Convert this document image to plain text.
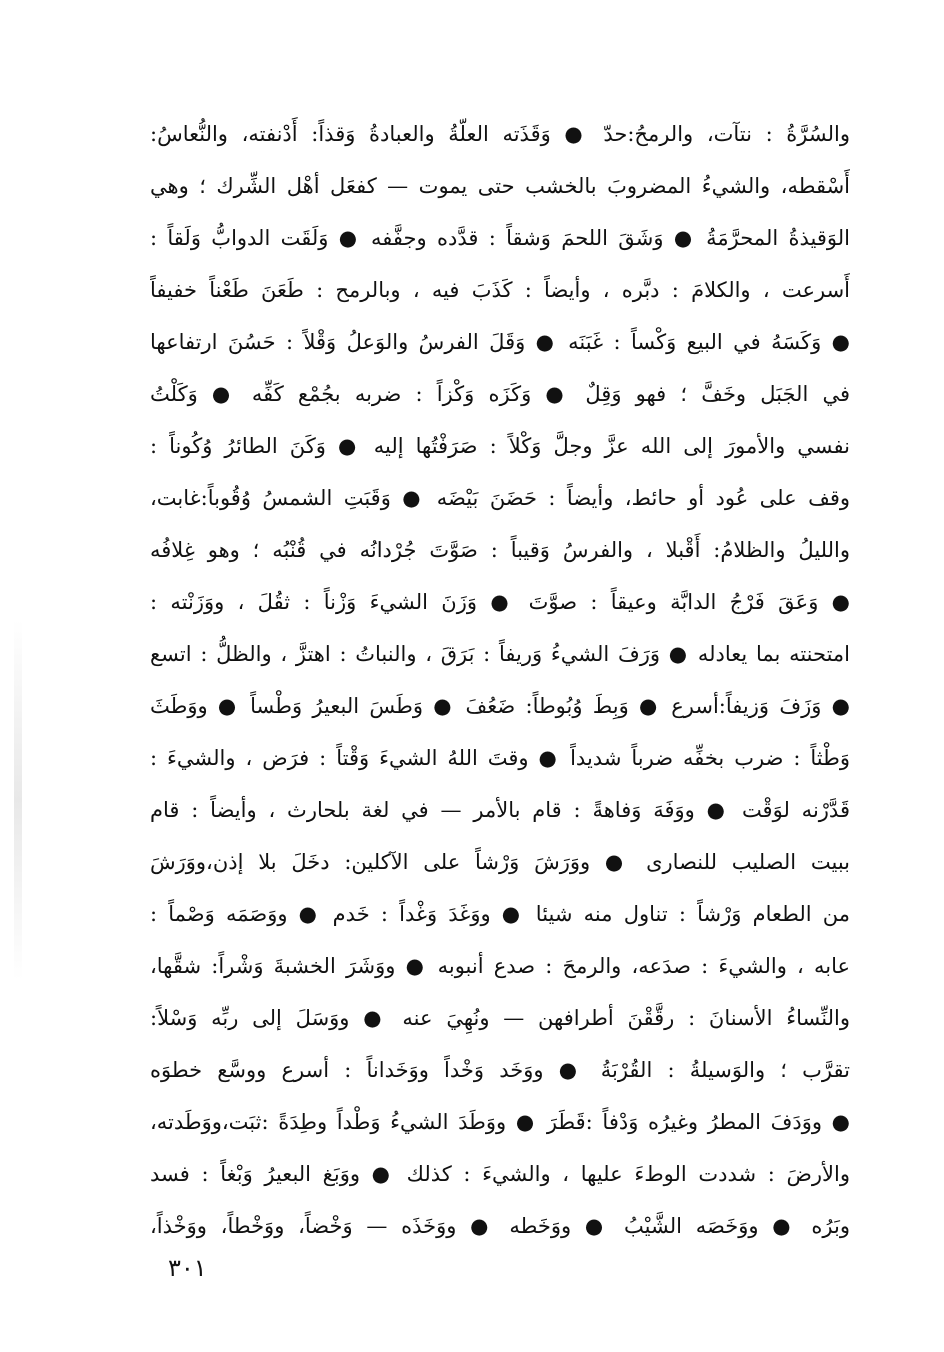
والسُرَّةُ : نتآت، والرمحُ:حدّ ● وَقَذَته العلّةُ والعبادةُ وَقذاً: أَدْنفته، والنُّعاسُ:
أَسْقطه، والشيءُ المضروبَ بالخشب حتى يموت — كفعَل أهْل الشِّرك ؛ وهي
الوَقيذةُ المحرَّمَةُ ● وَشَقَ اللحمَ وَشقاً : قدَّده وجفَّفه ● وَلَقَت الدوابُّ وَلَقاً :
أَسرعت ، والكلامَ : دبَّره ، وأيضاً : كَذَبَ فيه ، وبالرمح : طَعَنَ طَعْناً خفيفاً
● وَكَسَهُ في البيع وَكْساً : غَبَنَه ● وَقَلَ الفرسُ والوَعلُ وَقْلاً : حَسُنَ ارتفاعها
في الجَبَل وخَفَّ ؛ فهو وَقِلٌ ● وَكَزَه وَكْزاً : ضربه بجُمْع كَفِّه ● وَكَلْتُ
نفسي والأمورَ إلى الله عزَّ وجلَّ وَكْلاً : صَرَفْتُها إليه ● وَكَنَ الطائرُ وُكُوناً :
وقف على عُود أو حائط، وأيضاً : حَضَنَ بَيْضَه ● وَقَبَتِ الشمسُ وُقُوباً:غابت،
والليلُ والظلامُ: أَقْبلا ، والفرسُ وَقيباً : صَوَّتَ جُرْدانُه في قُنْبُه ؛ وهو غِلافُه
● وَعَقَ فَرْجُ الدابَّة وعيقاً : صوَّتَ ● وَزَنَ الشيءَ وَزْناً : ثقُلَ ، ووَزَنْته :
امتحنته بما يعادله ● وَرَفَ الشيءُ وَريفاً : بَرَقَ ، والنباتُ : اهتزَّ ، والظلُّ : اتسع
● وَزَفَ وَزيفاً:أسرع ● وَبِطَ وُبُوطاً: ضَعُفَ ● وَطَسَ البعيرُ وَطْساً ● ووَطَثَ
وَطْثاً : ضرب بخفِّه ضرباً شديداً ● وقتَ اللهُ الشيءَ وَقْتاً : فرَض ، والشيءَ :
قَدَّرْنه لوَقْت ● ووَفَهَ وَفاهةً : قام بالأمر — في لغة بلحارث ، وأيضاً : قام
ببيت الصليب للنصارى ● ووَرَشَ وَرْشاً على الآكلين: دخَلَ بلا إذن،ووَرَشَ
من الطعام وَرْشاً : تناول منه شيئا ● ووَغَدَ وَغْداً : خَدم ● ووَصَمَه وَصْماً :
عابه ، والشيءَ : صدَعه، والرمحَ : صدع أنبوبه ● ووَشَرَ الخشبةَ وَشْراً: شقَّها،
والنِّساءُ الأسنانَ : رقَّقْنَ أطرافهن — ونُهِيَ عنه ● ووَسَلَ إلى ربِّه وَسْلاً:
تقرَّب ؛ والوَسيلةُ : القُرْبَةُ ● ووَخَد وَخْداً ووَخَداناً : أسرع ووسَّع خطوَه
● ووَدَفَ المطرُ وغيرُه وَدْفاً :قَطَرَ ● ووَطَدَ الشيءُ وَطْداً وطِدَةً :ثبَت،ووَطَدته،
والأرضَ : شددت الوطءَ عليها ، والشيءَ : كذلك ● ووَبَغ البعيرُ وَبْغاً : فسد
وبَرُه ● ووَخَصَه الشَّيْبُ ● ووَخَطه ● ووَخَذَه — وَخْضاً، ووَخْطاً، ووَخْذاً،
٣٠١
